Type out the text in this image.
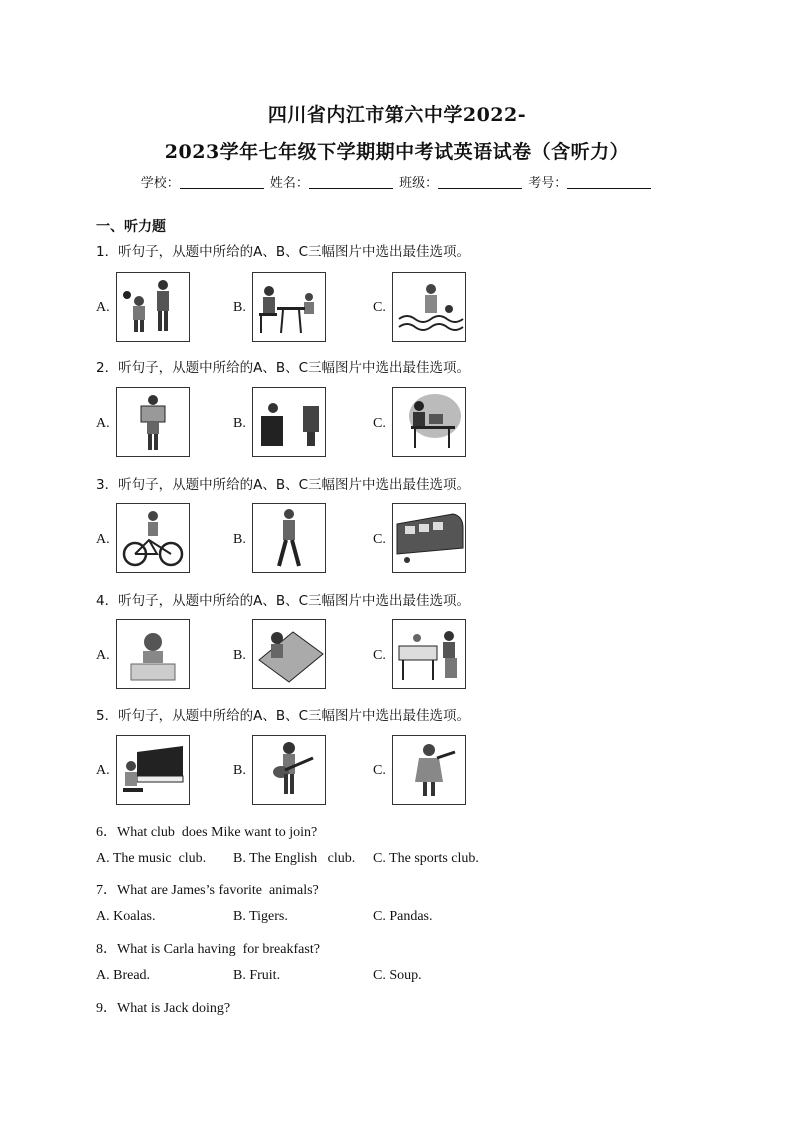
四川省内江市第六中学2022-
2023学年七年级下学期期中考试英语试卷（含听力）
学校：	姓名：	班级：	考号：
一、听力题
1．听句子，从题中所给的A、B、C三幅图片中选出最佳选项。
A.	B.	C.
2．听句子，从题中所给的A、B、C三幅图片中选出最佳选项。
A.	B.	C.
3．听句子，从题中所给的A、B、C三幅图片中选出最佳选项。
A.	B.	C.
4．听句子，从题中所给的A、B、C三幅图片中选出最佳选项。
A.	B.	C.
5．听句子，从题中所给的A、B、C三幅图片中选出最佳选项。
A.	B.	C.
6．What club  does Mike want to join?
A. The music  club. B. The English   club. C. The sports club.
7．What are James’s favorite  animals?
A. Koalas.	B. Tigers.	C. Pandas.
8．What is Carla having  for breakfast?
A. Bread.	B. Fruit.	C. Soup.
9．What is Jack doing?
